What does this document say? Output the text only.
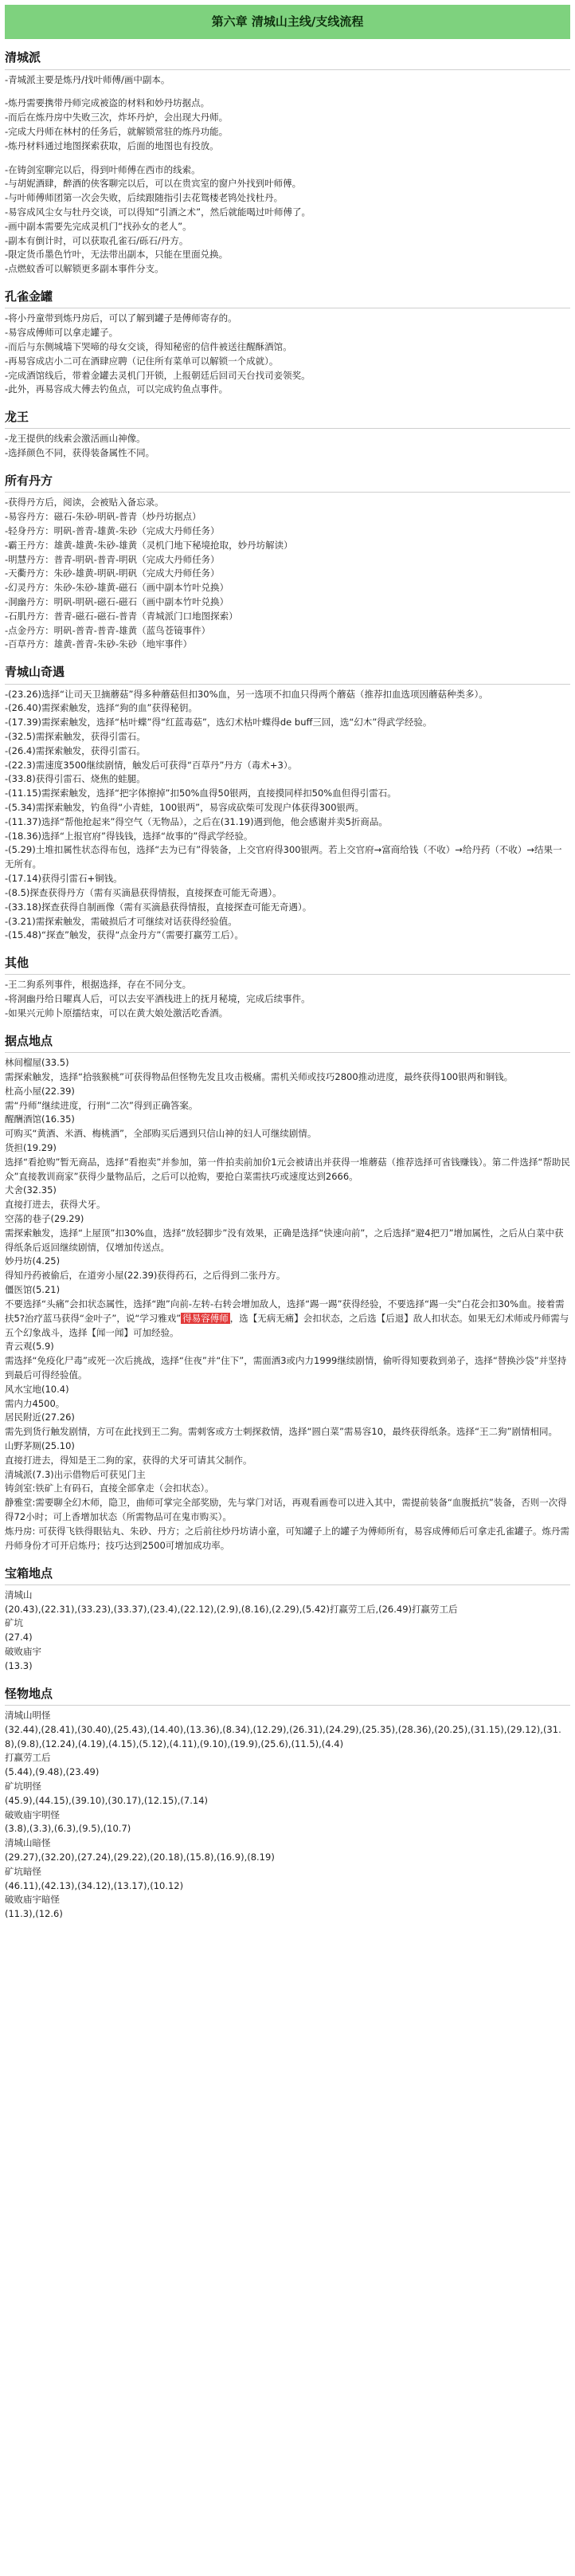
第六章 清城山主线/支线流程
清城派
-青城派主要是炼丹/找叶师傅/画中副本。
-炼丹需要携带丹师完成被盗的材料和妙丹坊据点。
-而后在炼丹房中失败三次，炸坏丹炉，会出现大丹师。
-完成大丹师在林村的任务后，就解锁常驻的炼丹功能。
-炼丹材料通过地图探索获取，后面的地图也有投放。
-在铸剑室聊完以后，得到叶师傅在西市的线索。
-与胡妮酒肆，醉酒的侠客聊完以后，可以在贵宾室的窗户外找到叶师傅。
-与叶师傅师团第一次会失败，后续跟随指引去花鸳楼老鸨处找杜丹。
-易容成风尘女与牡丹交谈，可以得知“引酒之术”，然后就能喝过叶师傅了。
-画中副本需要先完成灵机门“找孙女的老人”。
-副本有倒计时，可以获取孔雀石/砾石/丹方。
-限定货币墨色竹叶，无法带出副本，只能在里面兑换。
-点燃蚊香可以解锁更多副本事件分支。
孔雀金罐
-将小丹童带到炼丹房后，可以了解到罐子是傅师寄存的。
-易容成傅师可以拿走罐子。
-而后与东侧城墙下哭啼的母女交谈，得知秘密的信件被送往醒酥酒馆。
-再易容成店小二可在酒肆应聘（记住所有菜单可以解锁一个成就）。
-完成酒馆线后，带着金罐去灵机门开锁，上报朝廷后回司天台找司妾领奖。
-此外，再易容成大傅去钓鱼点，可以完成钓鱼点事件。
龙王
-龙王提供的线索会激活画山神像。
-选择颜色不同，获得装备属性不同。
所有丹方
-获得丹方后，阅读，会被贴入备忘录。
-易容丹方：磁石-朱砂-明矾-普青（炒丹坊据点）
-轻身丹方：明矾-普青-雄黄-朱砂（完成大丹师任务）
-霸王丹方：雄黄-雄黄-朱砂-雄黄（灵机门地下秘境抢取，妙丹坊解读）
-明慧丹方：普青-明矾-普青-明矾（完成大丹师任务）
-天衢丹方：朱砂-雄黄-明矾-明矾（完成大丹师任务）
-幻灵丹方：朱砂-朱砂-雄黄-磁石（画中副本竹叶兑换）
-洞幽丹方：明矾-明矾-磁石-磁石（画中副本竹叶兑换）
-石肌丹方：普青-磁石-磁石-普青（青城派门口地图探索）
-点金丹方：明矾-普青-普青-雄黄（蓝鸟苍镜事件）
-百草丹方：雄黄-普青-朱砂-朱砂（地牢事件）
青城山奇遇
-(23.26)选择“让司天卫摘蘑菇”得多种蘑菇但扣30%血，另一选项不扣血只得两个蘑菇（推荐扣血选项因蘑菇种类多）。
-(26.40)需探索触发，选择“狗的血”获得秘钥。
-(17.39)需探索触发，选择“枯叶蝶”得“红蓝毒菇”，选幻术枯叶蝶得de buff三回，选“幻木”得武学经验。
-(32.5)需探索触发，获得引雷石。
-(26.4)需探索触发，获得引雷石。
-(22.3)需速度3500继续剧情，触发后可获得“百草丹”丹方（毒术+3）。
-(33.8)获得引雷石、烧焦的蛙腿。
-(11.15)需探索触发，选择“把字体擦掉”扣50%血得50银两，直接摸同样扣50%血但得引雷石。
-(5.34)需探索触发，钓鱼得“小青蛙，100银两”，易容成砍柴可发现户体获得300银两。
-(11.37)选择“帮他抢起来”得空气（无物品），之后在(31.19)遇到他，他会感谢并卖5折商品。
-(18.36)选择“上报官府”得钱钱，选择“故事的”得武学经验。
-(5.29)土堆扣属性状态得布包，选择“去为已有”得装备，上交官府得300银两。若上交官府→富商给钱（不收）→给丹药（不收）→结果一无所有。
-(17.14)获得引雷石+铜钱。
-(8.5)探查获得丹方（需有买滴悬获得情报，直接探查可能无奇遇）。
-(33.18)探查获得自制画像（需有买滴悬获得情报，直接探查可能无奇遇）。
-(3.21)需探索触发，需破损后才可继续对话获得经验值。
-(15.48)“探查”触发，获得“点金丹方”（需要打赢劳工后）。
其他
-王二狗系列事件，根据选择，存在不同分支。
-将洞幽丹给日曜真人后，可以去安平酒栈进上的抚月秘境，完成后续事件。
-如果兴元帅卜原擂结束，可以在黄大娘处激活吃香酒。
据点地点
林间榴屋(33.5)
需探索触发，选择“拾骇猴桃”可获得物品但怪物先发且攻击极痛。需机关师或技巧2800推动进度，最终获得100银两和铜钱。
杜高小屋(22.39)
需“丹师”继续进度，行刑“二次”得到正确答案。
醒酬酒馆(16.35)
可购买“黄酒、米酒、梅桃酒”，全部购买后遇到只信山神的妇人可继续剧情。
货担(19.29)
选择“看抢购”暂无商品，选择“看抱卖”并参加，第一件拍卖前加价1元会被请出并获得一堆蘑菇（推荐选择可省钱赚钱）。第二件选择“帮助民众”直接教训商家”获得少量物品后，之后可以抢购，要抢白菜需扶巧或速度达到2666。
犬舍(32.35)
直接打进去，获得犬牙。
空荡的巷子(29.29)
需探索触发，选择“上屋顶”扣30%血，选择“放轻脚步”没有效果，正确是选择“快速向前”，之后选择“避4把刀”增加属性，之后从白菜中获得纸条后返回继续剧情，仅增加传送点。
妙丹坊(4.25)
得知丹药被偷后，在道旁小屋(22.39)获得药石，之后得到二张丹方。
僵医馆(5.21)
不要选择“头痛”会扣状态属性，选择“跑”向前-左转-右转会增加敌人，选择“踢一踢”获得经验，不要选择“踢一尖”白花会扣30%血。接着需扶5?治疗蓝马获得“金叶子”，说“学习雅戏” 得易容傅师 ，选【无病无痛】会扣状态，之后选【后退】敌人扣状态。如果无幻术师或丹师需与五个幻象战斗，选择【闻一闻】可加经验。
青云观(5.9)
需选择“免疫化尸毒”或死一次后挑战，选择“住夜”并“住下”，需面酒3或内力1999继续剧情，偷听得知要救到弟子，选择“替换沙袋”并坚持到最后可得经验值。
风水宝地(10.4)
需内力4500。
居民附近(27.26)
需先到货行触发剧情，方可在此找到王二狗。需刺客或方士刺探救情，选择“圆白菜”需易容10，最终获得纸条。选择“王二狗”剧情相同。
山野茅厕(25.10)
直接打进去，得知是王二狗的家，获得的犬牙可请其父制作。
清城派(7.3)出示借物后可获见门主
铸剑室:铁矿上有码石，直接全部拿走（会扣状态）。
静雅堂:需要聊全幻木师，隐卫，曲师可掌完全部奖励，先与掌门对话，再观看画卷可以进入其中，需提前装备“血腹抵抗”装备，否则一次得得72小时；可上香增加状态（所需物品可在鬼市购买）。
炼丹房: 可获得飞铁得眼钻丸、朱砂、丹方；之后前往炒丹坊请小童，可知罐子上的罐子为傅师所有，易容成傅师后可拿走孔雀罐子。炼丹需丹师身份才可开启炼丹；技巧达到2500可增加成功率。
宝箱地点
清城山
(20.43),(22.31),(33.23),(33.37),(23.4),(22.12),(2.9),(8.16),(2.29),(5.42)打赢劳工后,(26.49)打赢劳工后
矿坑
(27.4)
破败庙宇
(13.3)
怪物地点
清城山明怪
(32.44),(28.41),(30.40),(25.43),(14.40),(13.36),(8.34),(12.29),(26.31),(24.29),(25.35),(28.36),(20.25),(31.15),(29.12),(31.8),(9.8),(12.24),(4.19),(4.15),(5.12),(4.11),(9.10),(19.9),(25.6),(11.5),(4.4)
打赢劳工后
(5.44),(9.48),(23.49)
矿坑明怪
(45.9),(44.15),(39.10),(30.17),(12.15),(7.14)
破败庙宇明怪
(3.8),(3.3),(6.3),(9.5),(10.7)
清城山暗怪
(29.27),(32.20),(27.24),(29.22),(20.18),(15.8),(16.9),(8.19)
矿坑暗怪
(46.11),(42.13),(34.12),(13.17),(10.12)
破败庙宇暗怪
(11.3),(12.6)
